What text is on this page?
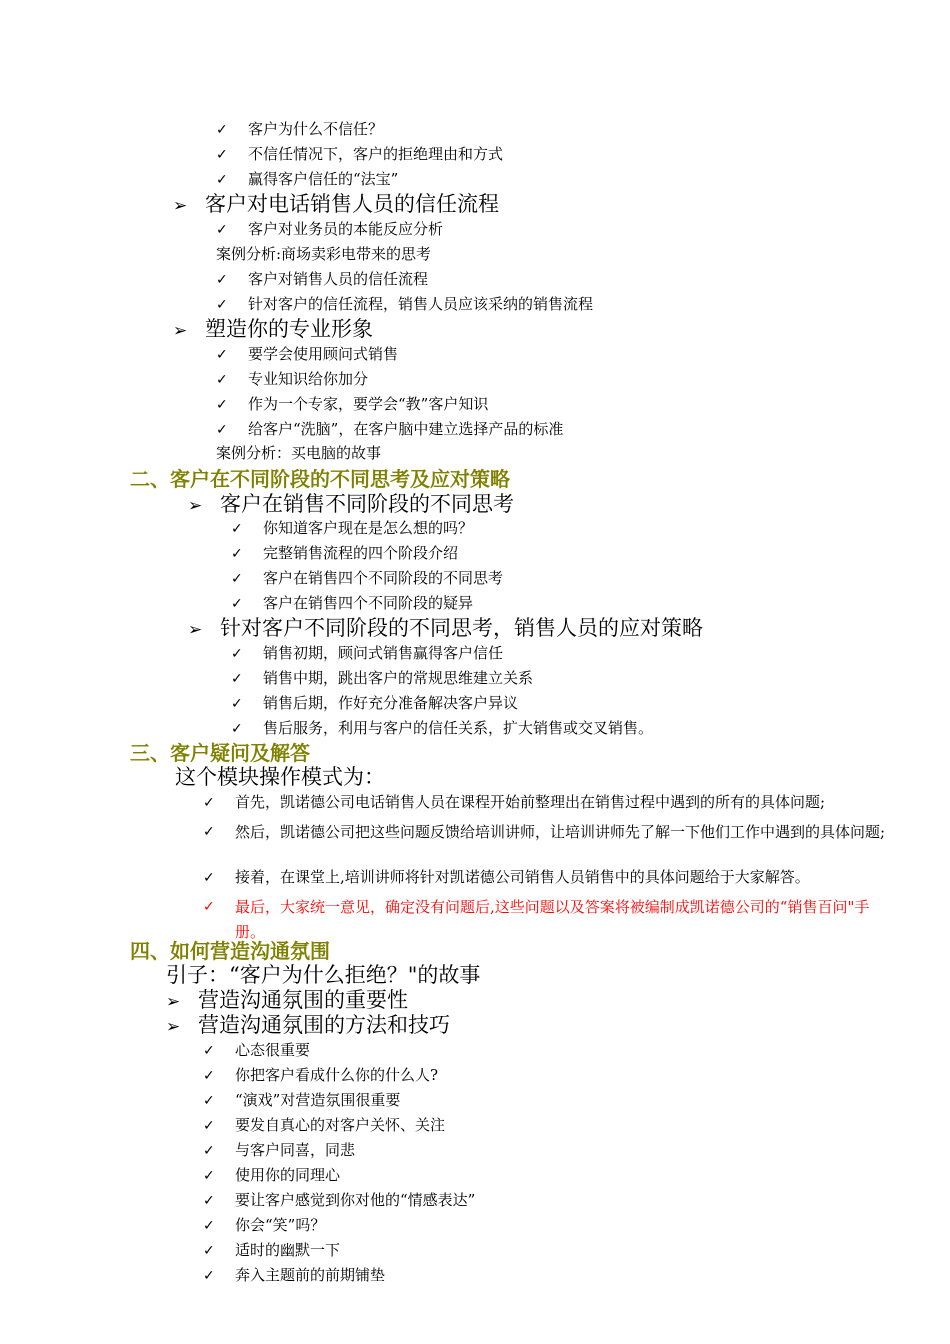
✓ 客户为什么不信任？
✓ 不信任情况下，客户的拒绝理由和方式
✓ 赢得客户信任的“法宝”
➢ 客户对电话销售人员的信任流程
✓ 客户对业务员的本能反应分析
案例分析:商场卖彩电带来的思考
✓ 客户对销售人员的信任流程
✓ 针对客户的信任流程，销售人员应该采纳的销售流程
➢ 塑造你的专业形象
✓ 要学会使用顾问式销售
✓ 专业知识给你加分
✓ 作为一个专家，要学会“教”客户知识
✓ 给客户“洗脑”，在客户脑中建立选择产品的标准
案例分析：买电脑的故事
二、客户在不同阶段的不同思考及应对策略
➢ 客户在销售不同阶段的不同思考
✓ 你知道客户现在是怎么想的吗？
✓ 完整销售流程的四个阶段介绍
✓ 客户在销售四个不同阶段的不同思考
✓ 客户在销售四个不同阶段的疑异
➢ 针对客户不同阶段的不同思考，销售人员的应对策略
✓ 销售初期，顾问式销售赢得客户信任
✓ 销售中期，跳出客户的常规思维建立关系
✓ 销售后期，作好充分准备解决客户异议
✓ 售后服务，利用与客户的信任关系，扩大销售或交叉销售。
三、客户疑问及解答
这个模块操作模式为：
✓ 首先，凯诺德公司电话销售人员在课程开始前整理出在销售过程中遇到的所有的具体问题;
✓	然后，凯诺德公司把这些问题反馈给培训讲师，让培训讲师先了解一下他们工作中遇到的具体问题;
✓ 接着，在课堂上,培训讲师将针对凯诺德公司销售人员销售中的具体问题给于大家解答。
✓	最后，大家统一意见，确定没有问题后,这些问题以及答案将被编制成凯诺德公司的“销售百问"手册。
四、如何营造沟通氛围
引子：“客户为什么拒绝？"的故事
➢ 营造沟通氛围的重要性
➢ 营造沟通氛围的方法和技巧
✓ 心态很重要
✓ 你把客户看成什么你的什么人?
✓ “演戏”对营造氛围很重要
✓ 要发自真心的对客户关怀、关注
✓ 与客户同喜，同悲
✓ 使用你的同理心
✓ 要让客户感觉到你对他的“情感表达”
✓ 你会“笑”吗？
✓ 适时的幽默一下
✓ 奔入主题前的前期铺垫
